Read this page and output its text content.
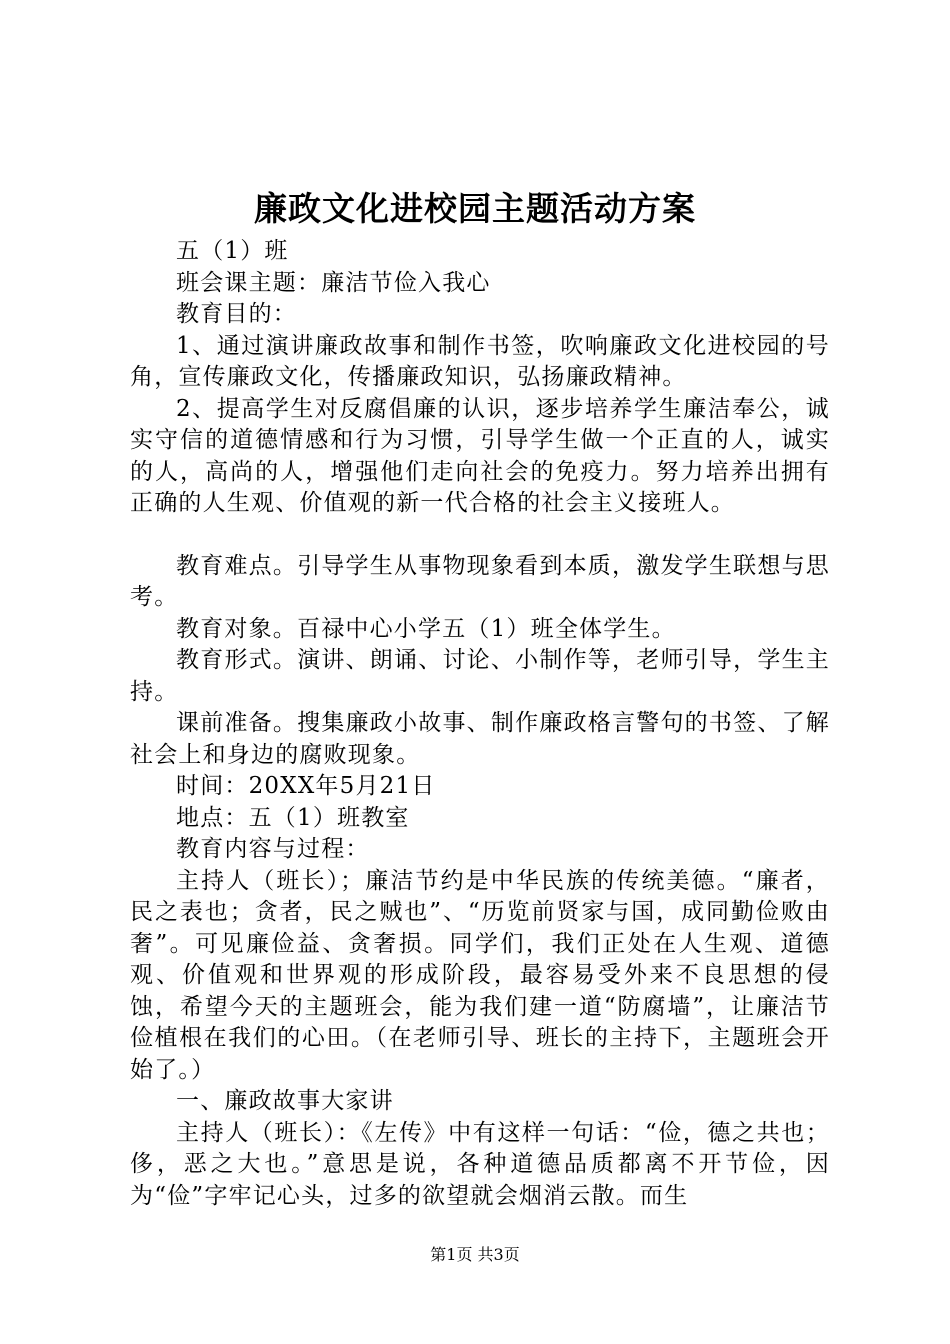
廉政文化进校园主题活动方案

五（1）班

班会课主题：廉洁节俭入我心

教育目的：

1、通过演讲廉政故事和制作书签，吹响廉政文化进校园的号角，宣传廉政文化，传播廉政知识，弘扬廉政精神。

2、提高学生对反腐倡廉的认识，逐步培养学生廉洁奉公，诚实守信的道德情感和行为习惯，引导学生做一个正直的人，诚实的人，高尚的人，增强他们走向社会的免疫力。努力培养出拥有正确的人生观、价值观的新一代合格的社会主义接班人。

教育难点。引导学生从事物现象看到本质，激发学生联想与思考。

教育对象。百禄中心小学五（1）班全体学生。

教育形式。演讲、朗诵、讨论、小制作等，老师引导，学生主持。

课前准备。搜集廉政小故事、制作廉政格言警句的书签、了解社会上和身边的腐败现象。

时间：20XX年5月21日

地点：五（1）班教室

教育内容与过程：

主持人（班长）；廉洁节约是中华民族的传统美德。“廉者，民之表也；贪者，民之贼也”、“历览前贤家与国，成同勤俭败由奢”。可见廉俭益、贪奢损。同学们，我们正处在人生观、道德观、价值观和世界观的形成阶段，最容易受外来不良思想的侵蚀，希望今天的主题班会，能为我们建一道“防腐墙”，让廉洁节俭植根在我们的心田。（在老师引导、班长的主持下，主题班会开始了。）

一、廉政故事大家讲

主持人（班长）：《左传》中有这样一句话：“俭，德之共也；侈，恶之大也。”意思是说，各种道德品质都离不开节俭，因为“俭”字牢记心头，过多的欲望就会烟消云散。而生

第1页 共3页
